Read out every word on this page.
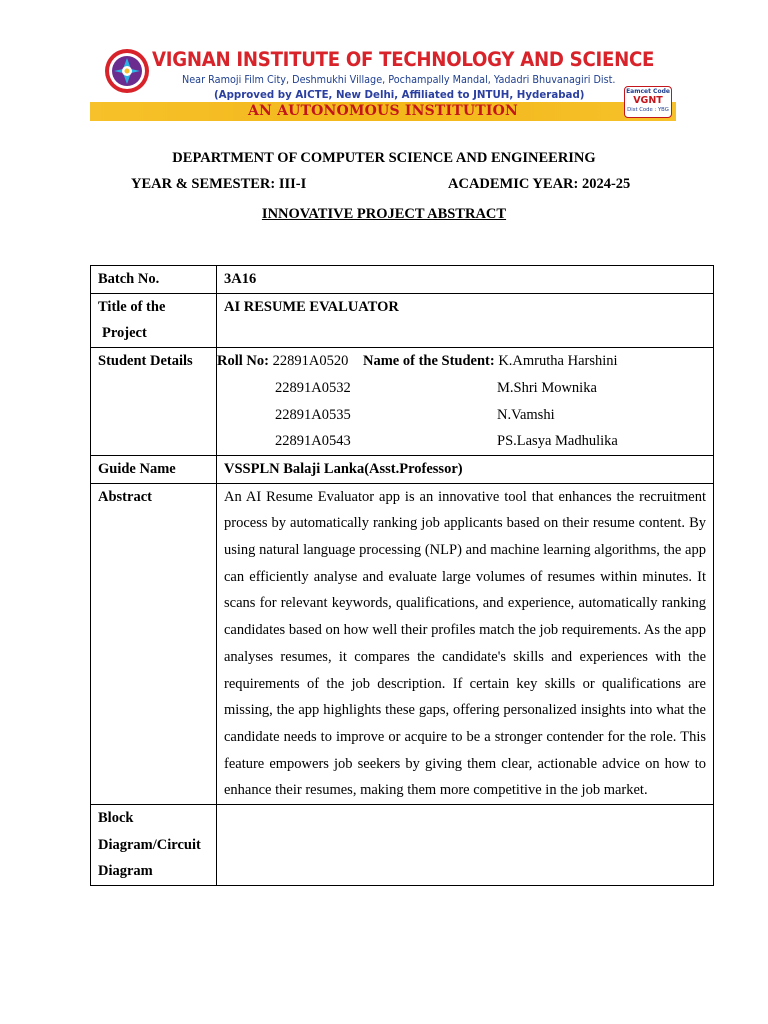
VIGNAN INSTITUTE OF TECHNOLOGY AND SCIENCE
Near Ramoji Film City, Deshmukhi Village, Pochampally Mandal, Yadadri Bhuvanagiri Dist.
(Approved by AICTE, New Delhi, Affiliated to JNTUH, Hyderabad)
AN AUTONOMOUS INSTITUTION
Eamcet Code
VGNT
Dist Code : YBG
DEPARTMENT OF COMPUTER SCIENCE AND ENGINEERING
YEAR & SEMESTER: III-I	ACADEMIC YEAR: 2024-25
INNOVATIVE PROJECT ABSTRACT
Batch No.	3A16

Title of the
Project
	AI RESUME EVALUATOR
Student Details	Roll No: 22891A0520	Name of the Student: K.Amrutha Harshini
22891A0532	M.Shri Mownika
22891A0535	N.Vamshi
22891A0543	PS.Lasya Madhulika

Guide Name	VSSPLN Balaji Lanka(Asst.Professor)
Abstract	An AI Resume Evaluator app is an innovative tool that enhances the recruitment process by automatically ranking job applicants based on their resume content. By using natural language processing (NLP) and machine learning algorithms, the app can efficiently analyse and evaluate large volumes of resumes within minutes. It scans for relevant keywords, qualifications, and experience, automatically ranking candidates based on how well their profiles match the job requirements. As the app analyses resumes, it compares the candidate's skills and experiences with the requirements of the job description. If certain key skills or qualifications are missing, the app highlights these gaps, offering personalized insights into what the candidate needs to improve or acquire to be a stronger contender for the role. This feature empowers job seekers by giving them clear, actionable advice on how to enhance their resumes, making them more competitive in the job market.

Block
Diagram/Circuit
Diagram
